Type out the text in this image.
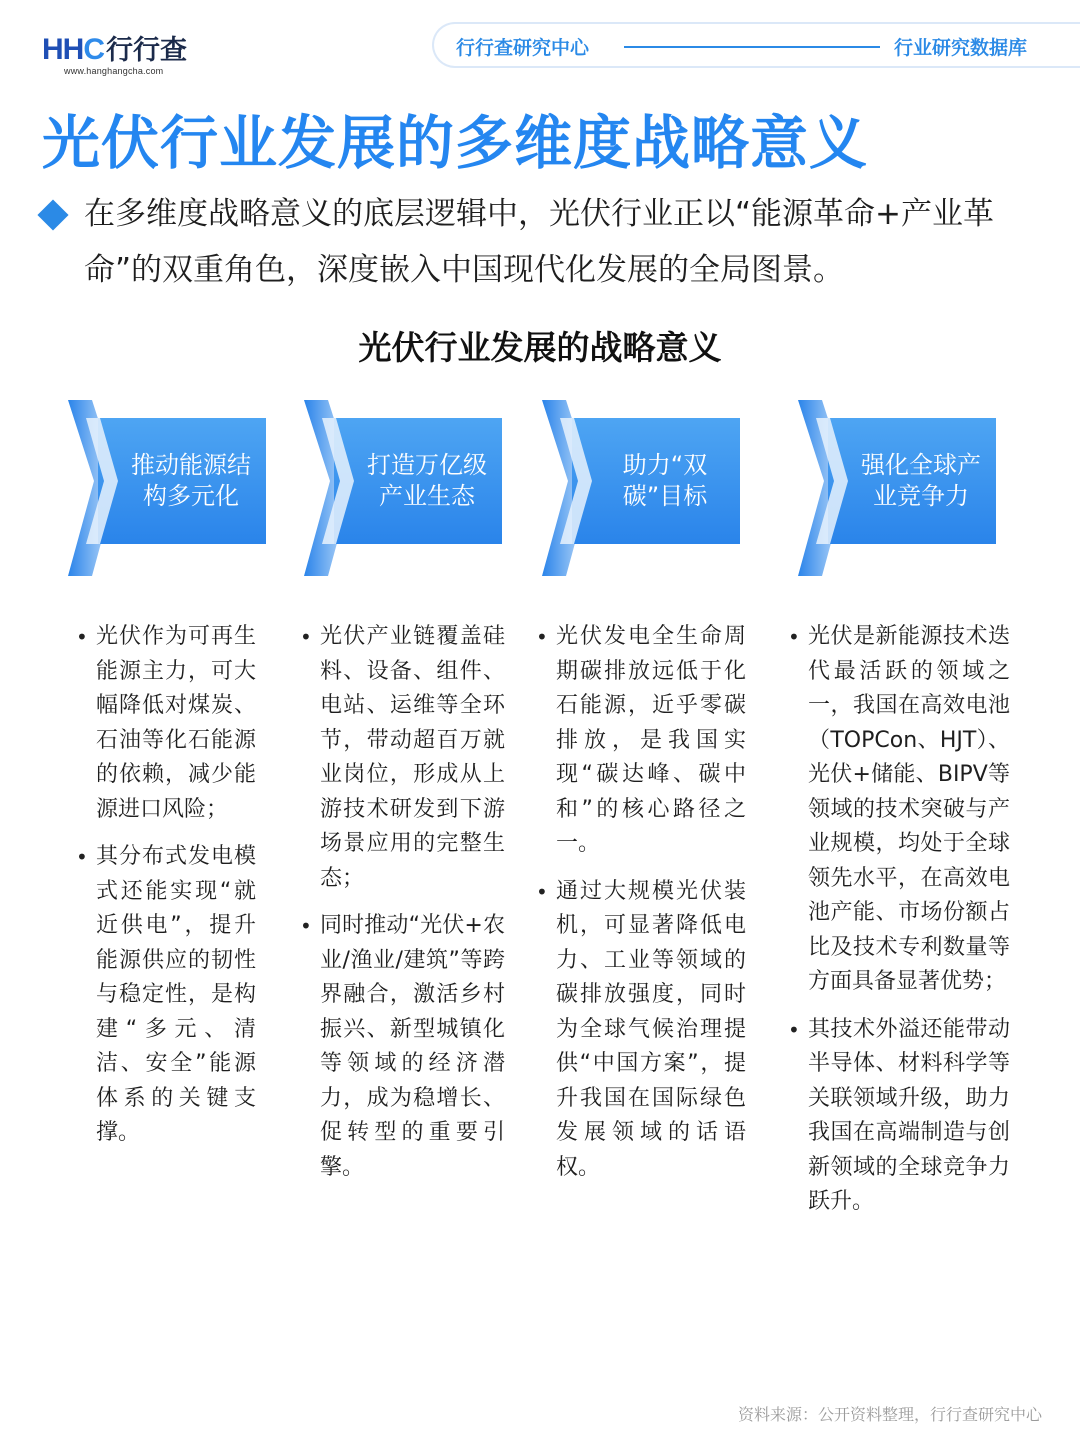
HHC行行查
www.hanghangcha.com
行行查研究中心	行业研究数据库
光伏行业发展的多维度战略意义
在多维度战略意义的底层逻辑中，光伏行业正以“能源革命+产业革命”的双重角色，深度嵌入中国现代化发展的全局图景。
光伏行业发展的战略意义
推动能源结构多元化
打造万亿级产业生态
助力“双碳”目标
强化全球产业竞争力
• 光伏作为可再生能源主力，可大幅降低对煤炭、石油等化石能源的依赖，减少能源进口风险；
• 其分布式发电模式还能实现“就近供电”，提升能源供应的韧性与稳定性，是构建“多元、清洁、安全”能源体系的关键支撑。
• 光伏产业链覆盖硅料、设备、组件、电站、运维等全环节，带动超百万就业岗位，形成从上游技术研发到下游场景应用的完整生态；
• 同时推动“光伏+农业/渔业/建筑”等跨界融合，激活乡村振兴、新型城镇化等领域的经济潜力，成为稳增长、促转型的重要引擎。
• 光伏发电全生命周期碳排放远低于化石能源，近乎零碳排放，是我国实现“碳达峰、碳中和”的核心路径之一。
• 通过大规模光伏装机，可显著降低电力、工业等领域的碳排放强度，同时为全球气候治理提供“中国方案”，提升我国在国际绿色发展领域的话语权。
• 光伏是新能源技术迭代最活跃的领域之一，我国在高效电池（TOPCon、HJT）、光伏+储能、BIPV等领域的技术突破与产业规模，均处于全球领先水平，在高效电池产能、市场份额占比及技术专利数量等方面具备显著优势；
• 其技术外溢还能带动半导体、材料科学等关联领域升级，助力我国在高端制造与创新领域的全球竞争力跃升。
资料来源：公开资料整理，行行查研究中心
